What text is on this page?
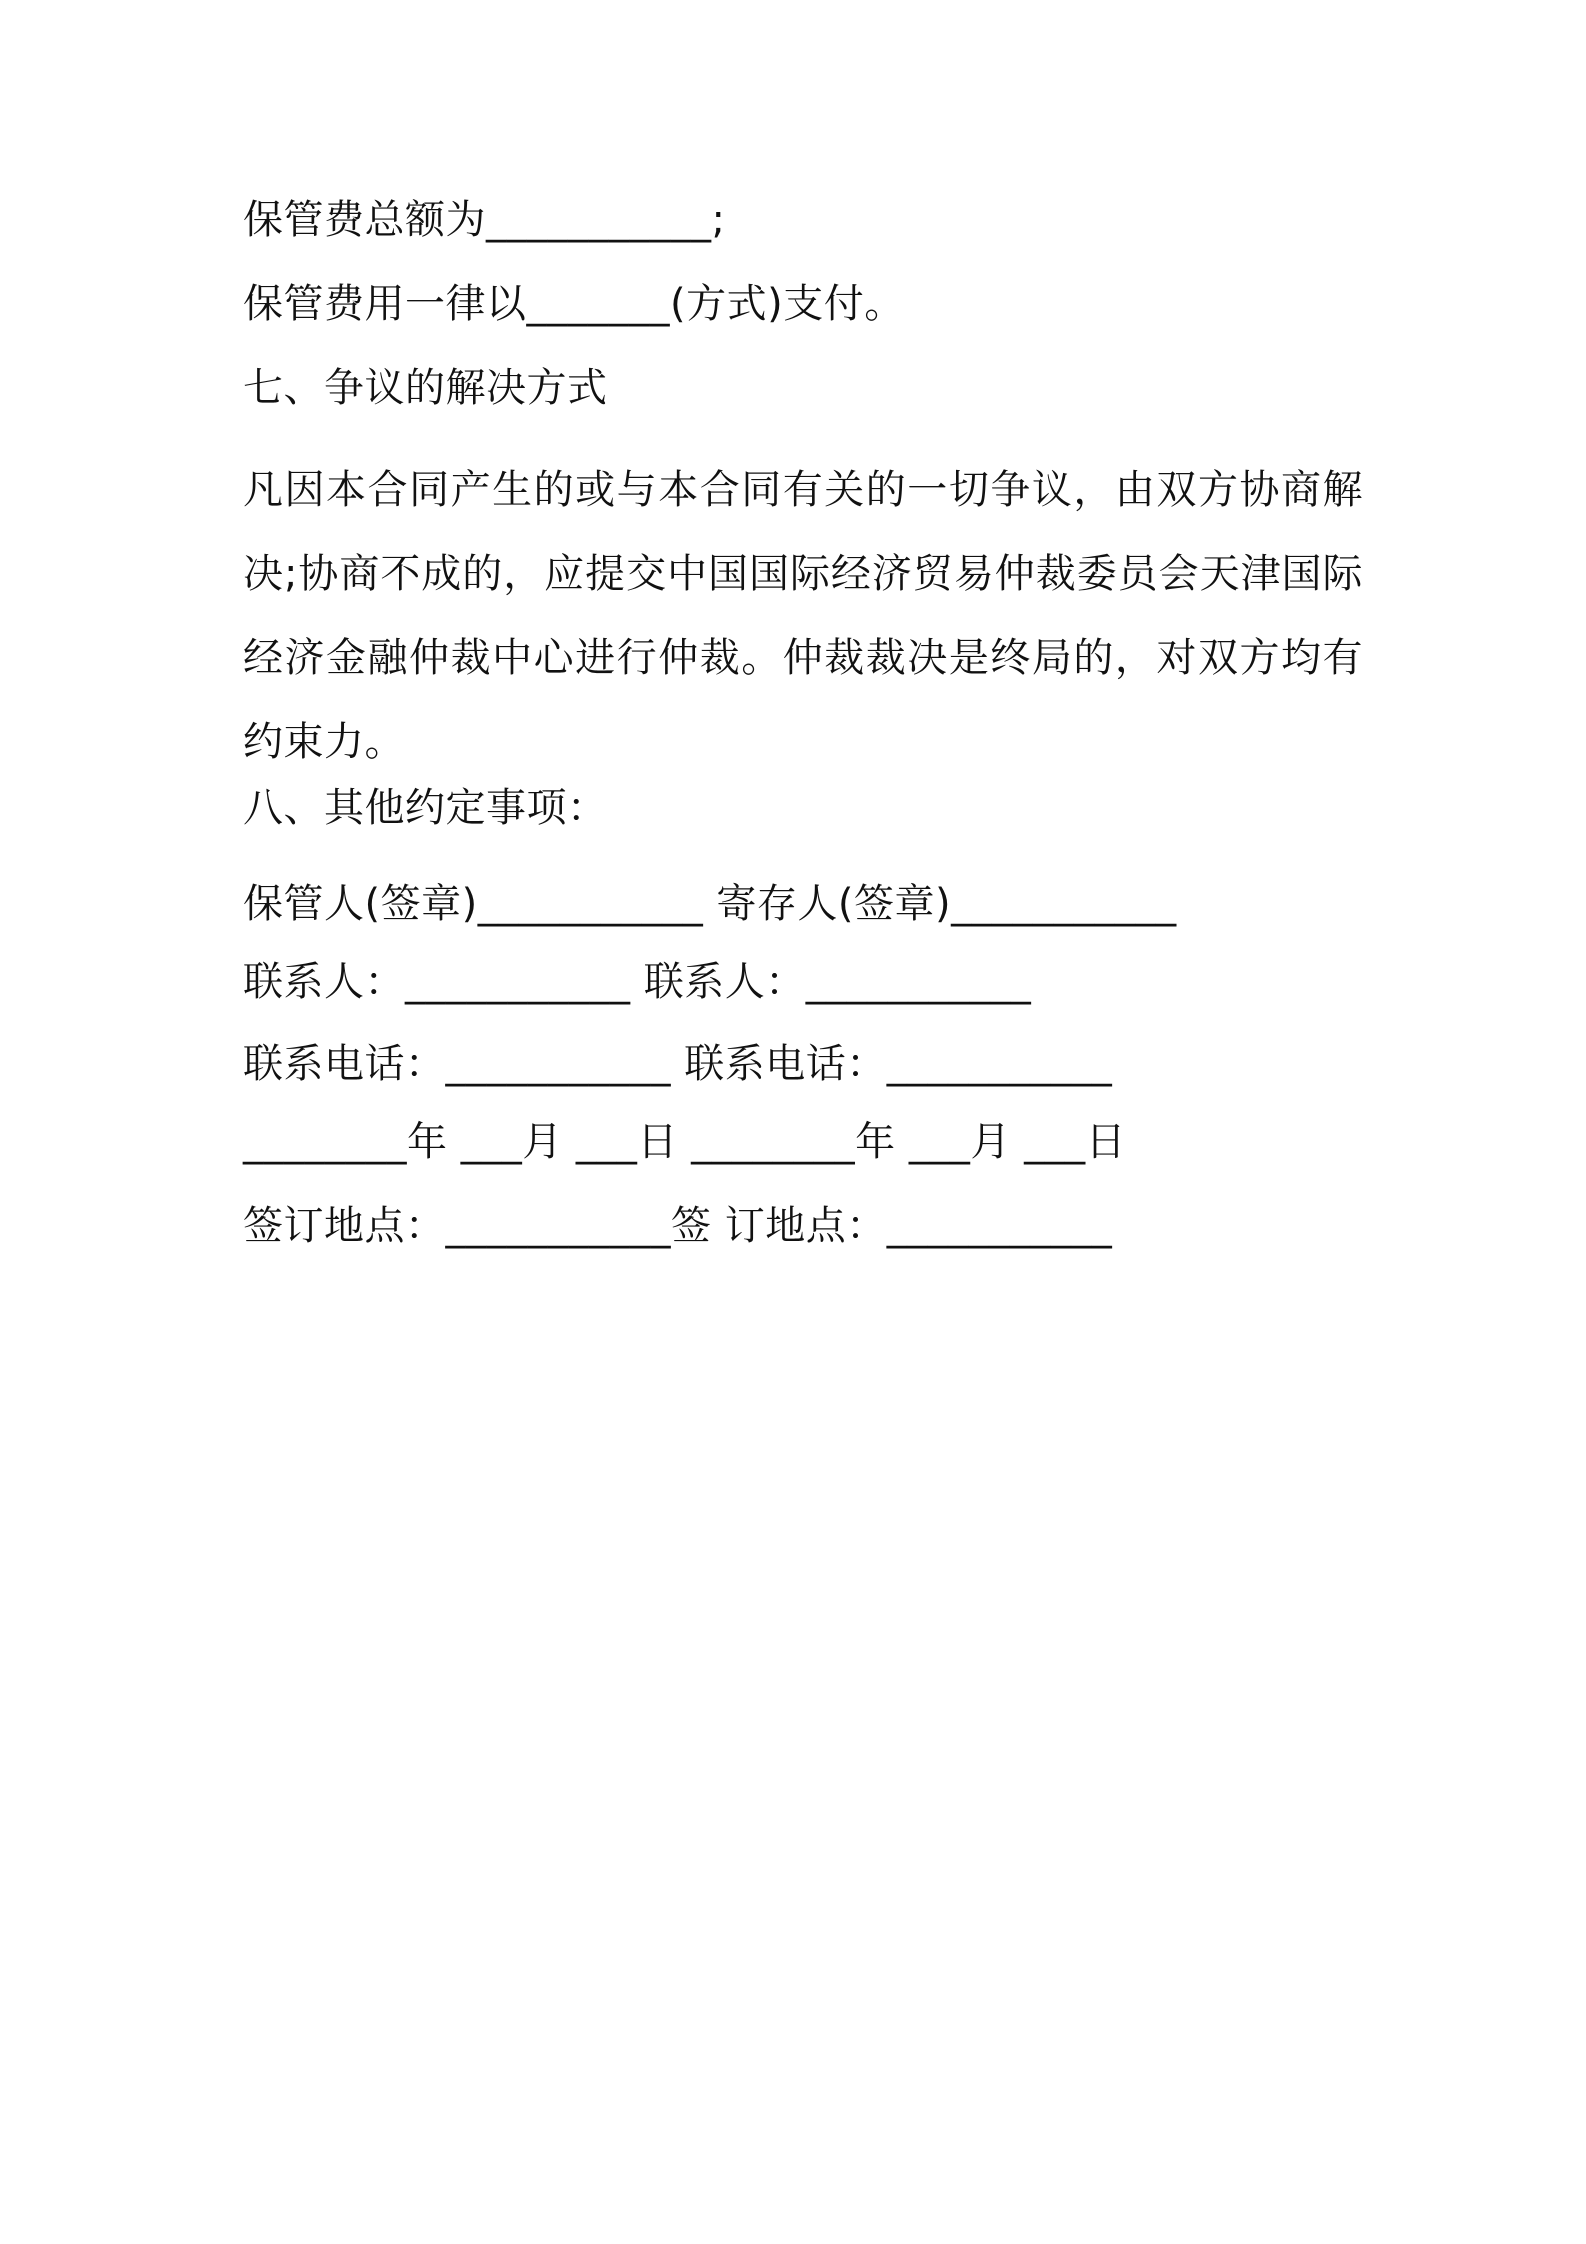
保管费总额为___________;
保管费用一律以_______(方式)支付。
七、争议的解决方式
凡因本合同产生的或与本合同有关的一切争议，由双方协商解决;协商不成的，应提交中国国际经济贸易仲裁委员会天津国际经济金融仲裁中心进行仲裁。仲裁裁决是终局的，对双方均有约束力。
八、其他约定事项：
保管人(签章)___________ 寄存人(签章)___________
联系人：___________ 联系人：___________
联系电话：___________ 联系电话：___________
________年 ___月 ___日 ________年 ___月 ___日
签订地点：___________签 订地点：___________
